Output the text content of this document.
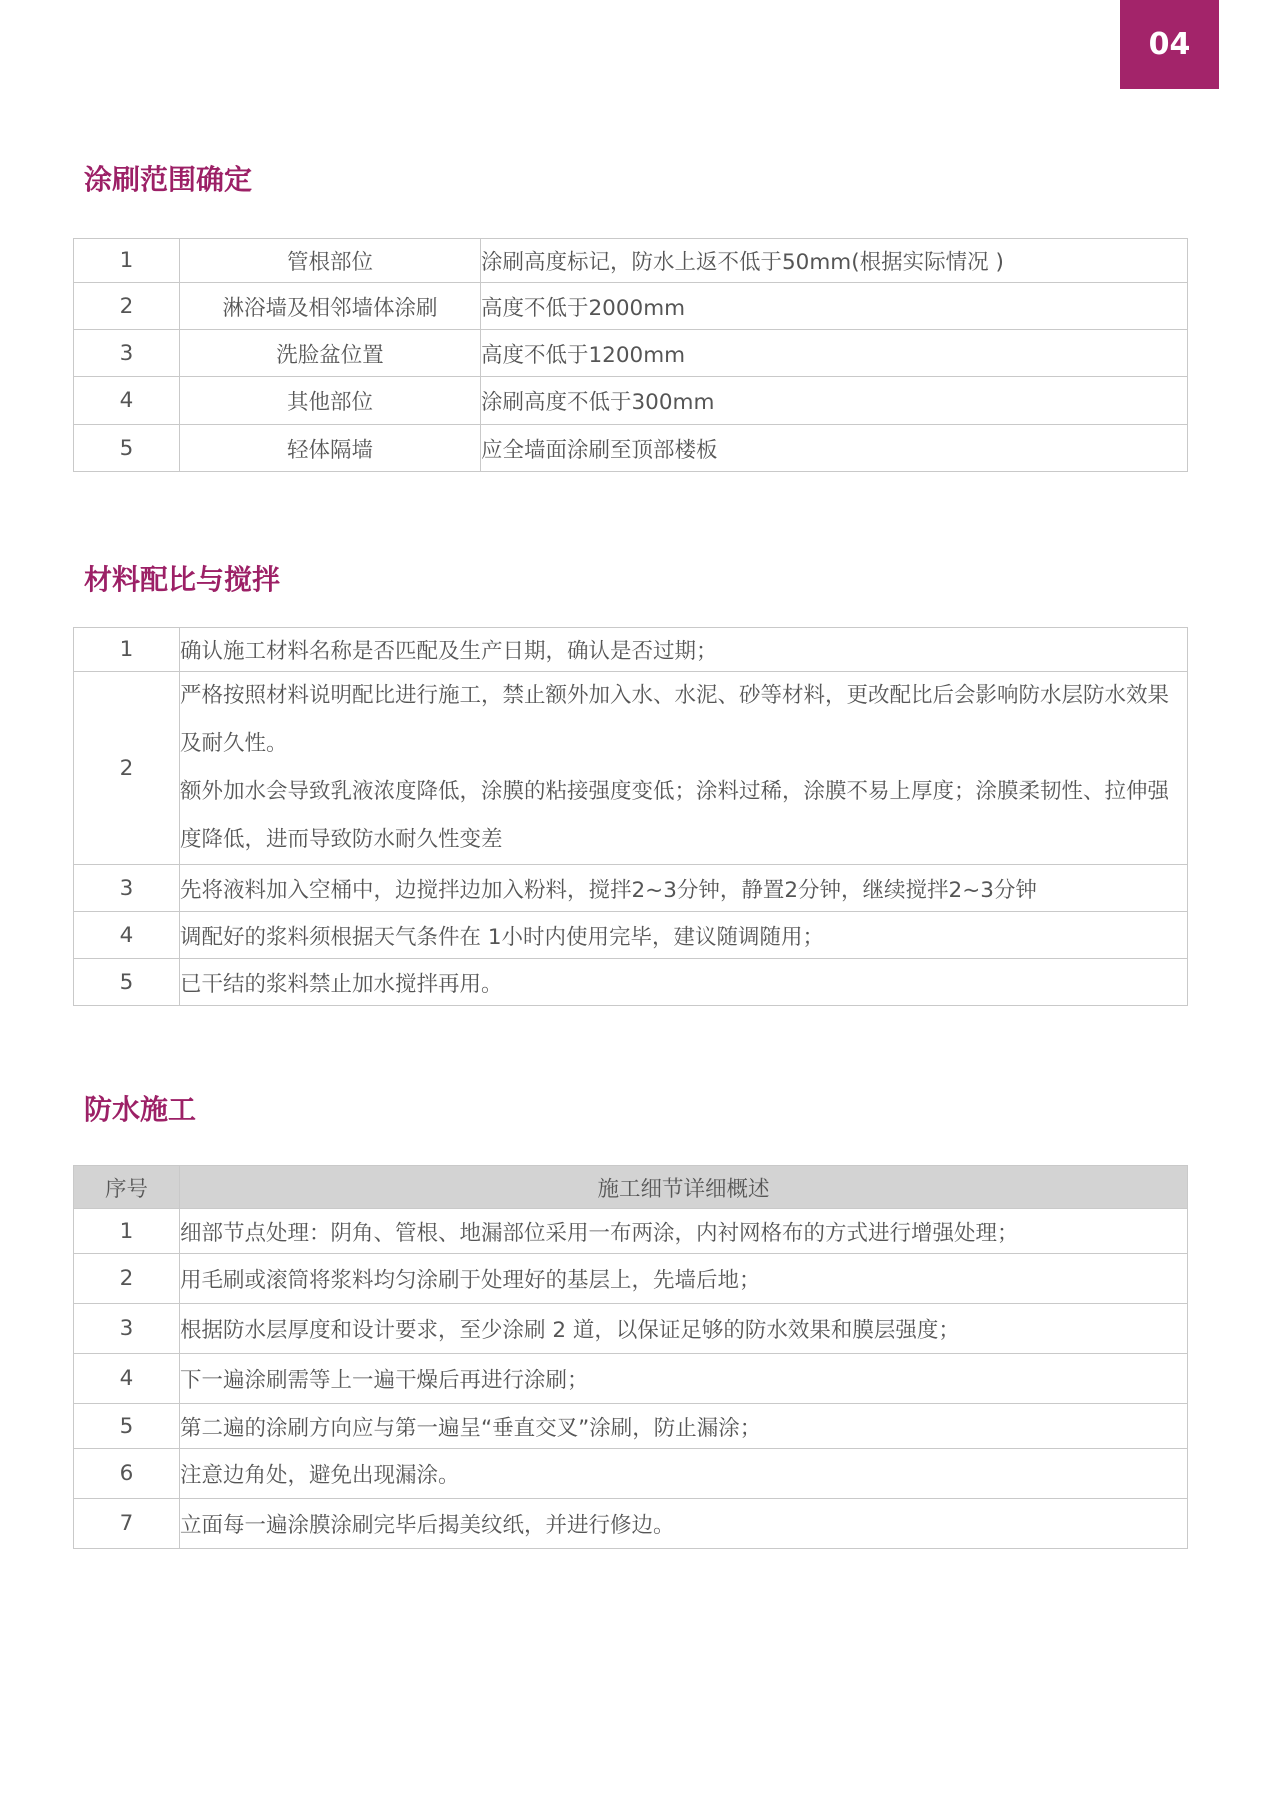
04
涂刷范围确定
1	管根部位	涂刷高度标记，防水上返不低于50mm(根据实际情况 )
2	淋浴墙及相邻墙体涂刷	高度不低于2000mm
3	洗脸盆位置	高度不低于1200mm
4	其他部位	涂刷高度不低于300mm
5	轻体隔墙	应全墙面涂刷至顶部楼板
材料配比与搅拌
1	确认施工材料名称是否匹配及生产日期，确认是否过期；
2	严格按照材料说明配比进行施工，禁止额外加入水、水泥、砂等材料，更改配比后会影响防水层防水效果及耐久性。

额外加水会导致乳液浓度降低，涂膜的粘接强度变低；涂料过稀，涂膜不易上厚度；涂膜柔韧性、拉伸强度降低，进而导致防水耐久性变差

3	先将液料加入空桶中，边搅拌边加入粉料，搅拌2~3分钟，静置2分钟，继续搅拌2~3分钟
4	调配好的浆料须根据天气条件在 1小时内使用完毕，建议随调随用；
5	已干结的浆料禁止加水搅拌再用。
防水施工
序号	施工细节详细概述
1	细部节点处理：阴角、管根、地漏部位采用一布两涂，内衬网格布的方式进行增强处理；
2	用毛刷或滚筒将浆料均匀涂刷于处理好的基层上，先墙后地；
3	根据防水层厚度和设计要求，至少涂刷 2 道，以保证足够的防水效果和膜层强度；
4	下一遍涂刷需等上一遍干燥后再进行涂刷；
5	第二遍的涂刷方向应与第一遍呈“垂直交叉”涂刷，防止漏涂；
6	注意边角处，避免出现漏涂。
7	立面每一遍涂膜涂刷完毕后揭美纹纸，并进行修边。
